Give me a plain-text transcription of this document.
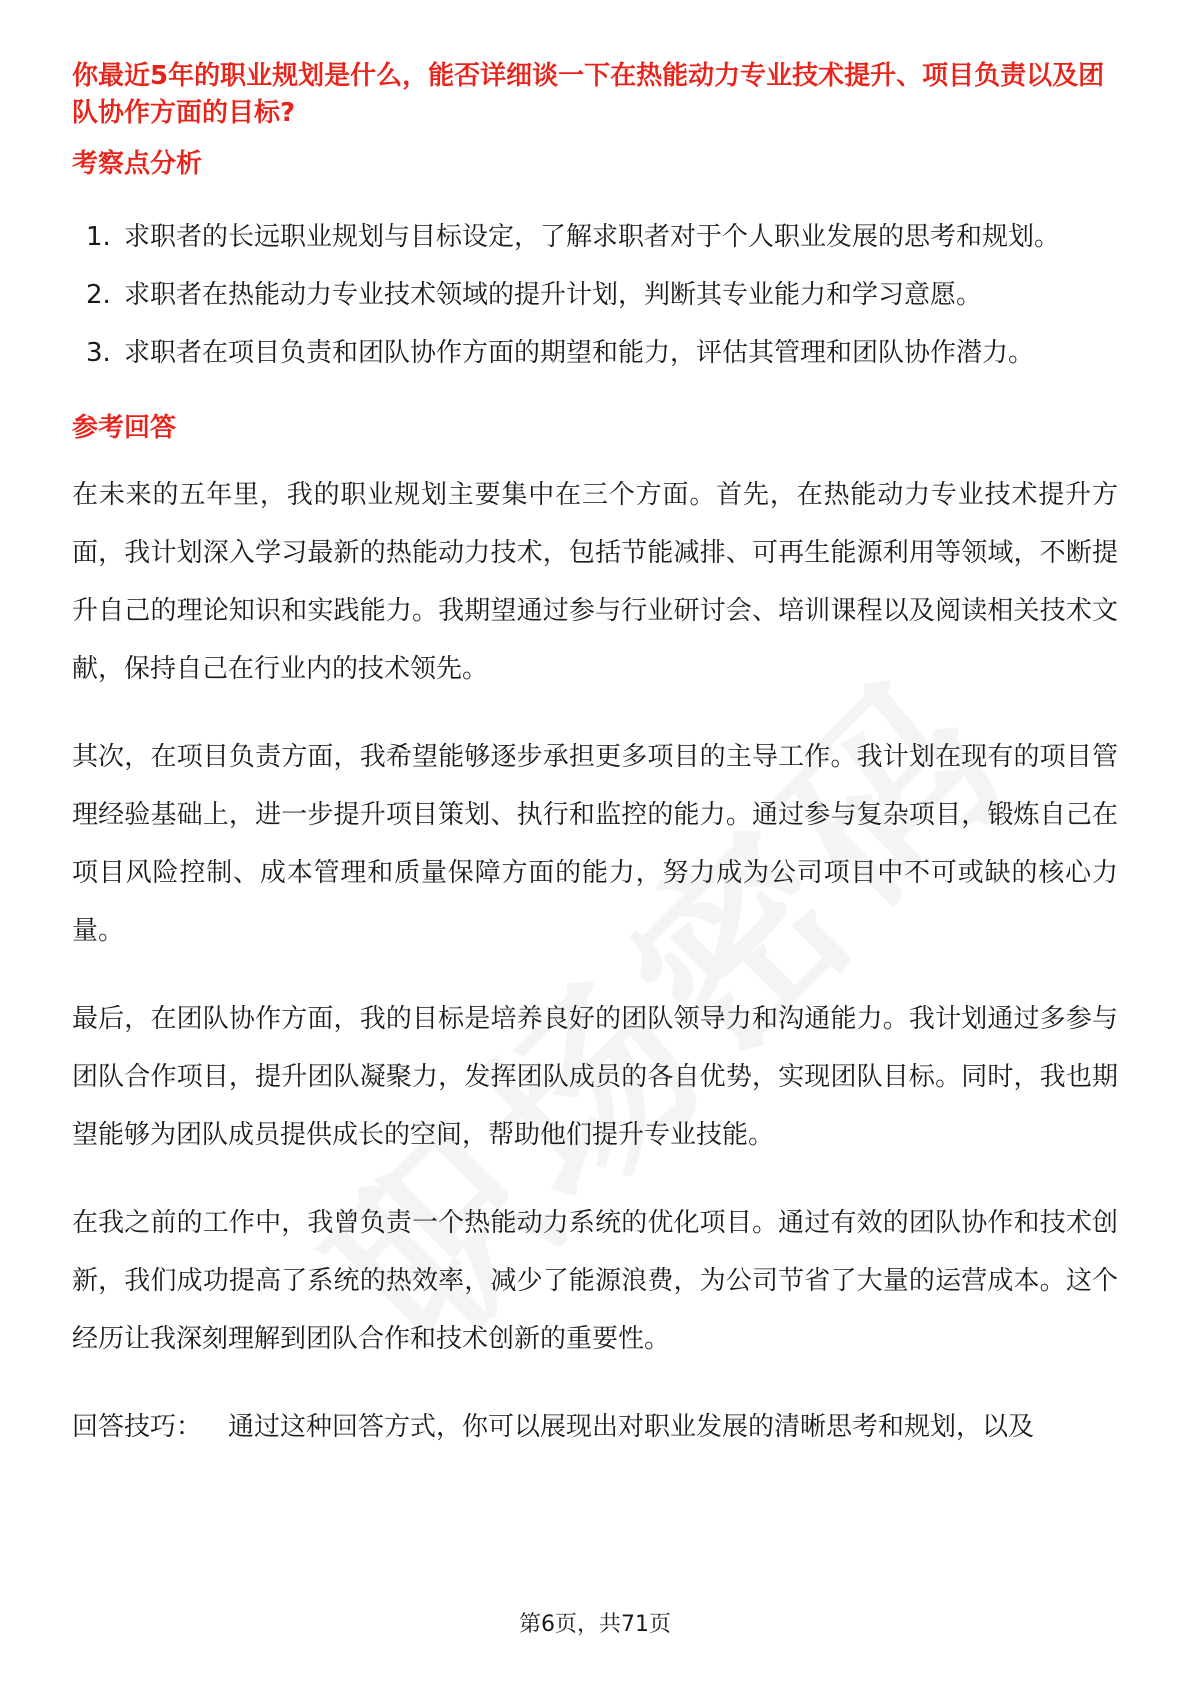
你最近5年的职业规划是什么，能否详细谈一下在热能动力专业技术提升、项目负责以及团队协作方面的目标?

考察点分析
1. 求职者的长远职业规划与目标设定，了解求职者对于个人职业发展的思考和规划。
2. 求职者在热能动力专业技术领域的提升计划，判断其专业能力和学习意愿。
3. 求职者在项目负责和团队协作方面的期望和能力，评估其管理和团队协作潜力。
参考回答

在未来的五年里，我的职业规划主要集中在三个方面。首先，在热能动力专业技术提升方面，我计划深入学习最新的热能动力技术，包括节能减排、可再生能源利用等领域，不断提升自己的理论知识和实践能力。我期望通过参与行业研讨会、培训课程以及阅读相关技术文献，保持自己在行业内的技术领先。

其次，在项目负责方面，我希望能够逐步承担更多项目的主导工作。我计划在现有的项目管理经验基础上，进一步提升项目策划、执行和监控的能力。通过参与复杂项目，锻炼自己在项目风险控制、成本管理和质量保障方面的能力，努力成为公司项目中不可或缺的核心力量。

最后，在团队协作方面，我的目标是培养良好的团队领导力和沟通能力。我计划通过多参与团队合作项目，提升团队凝聚力，发挥团队成员的各自优势，实现团队目标。同时，我也期望能够为团队成员提供成长的空间，帮助他们提升专业技能。

在我之前的工作中，我曾负责一个热能动力系统的优化项目。通过有效的团队协作和技术创新，我们成功提高了系统的热效率，减少了能源浪费，为公司节省了大量的运营成本。这个经历让我深刻理解到团队合作和技术创新的重要性。

回答技巧： 通过这种回答方式，你可以展现出对职业发展的清晰思考和规划，以及

第6页，共71页
